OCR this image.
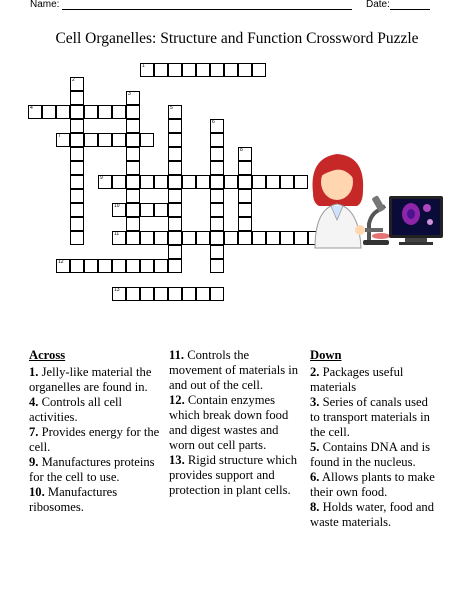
Name:	Date:
Cell Organelles: Structure and Function Crossword Puzzle
1
2
3
4	5
6
7
8
9
10
11
12
13
Across
1. Jelly-like material the organelles are found in.
4. Controls all cell activities.
7. Provides energy for the cell.
9. Manufactures proteins for the cell to use.
10. Manufactures ribosomes.
11. Controls the movement of materials in and out of the cell.
12. Contain enzymes which break down food and digest wastes and worn out cell parts.
13. Rigid structure which provides support and protection in plant cells.
Down
2. Packages useful materials
3. Series of canals used to transport materials in the cell.
5. Contains DNA and is found in the nucleus.
6. Allows plants to make their own food.
8. Holds water, food and waste materials.
